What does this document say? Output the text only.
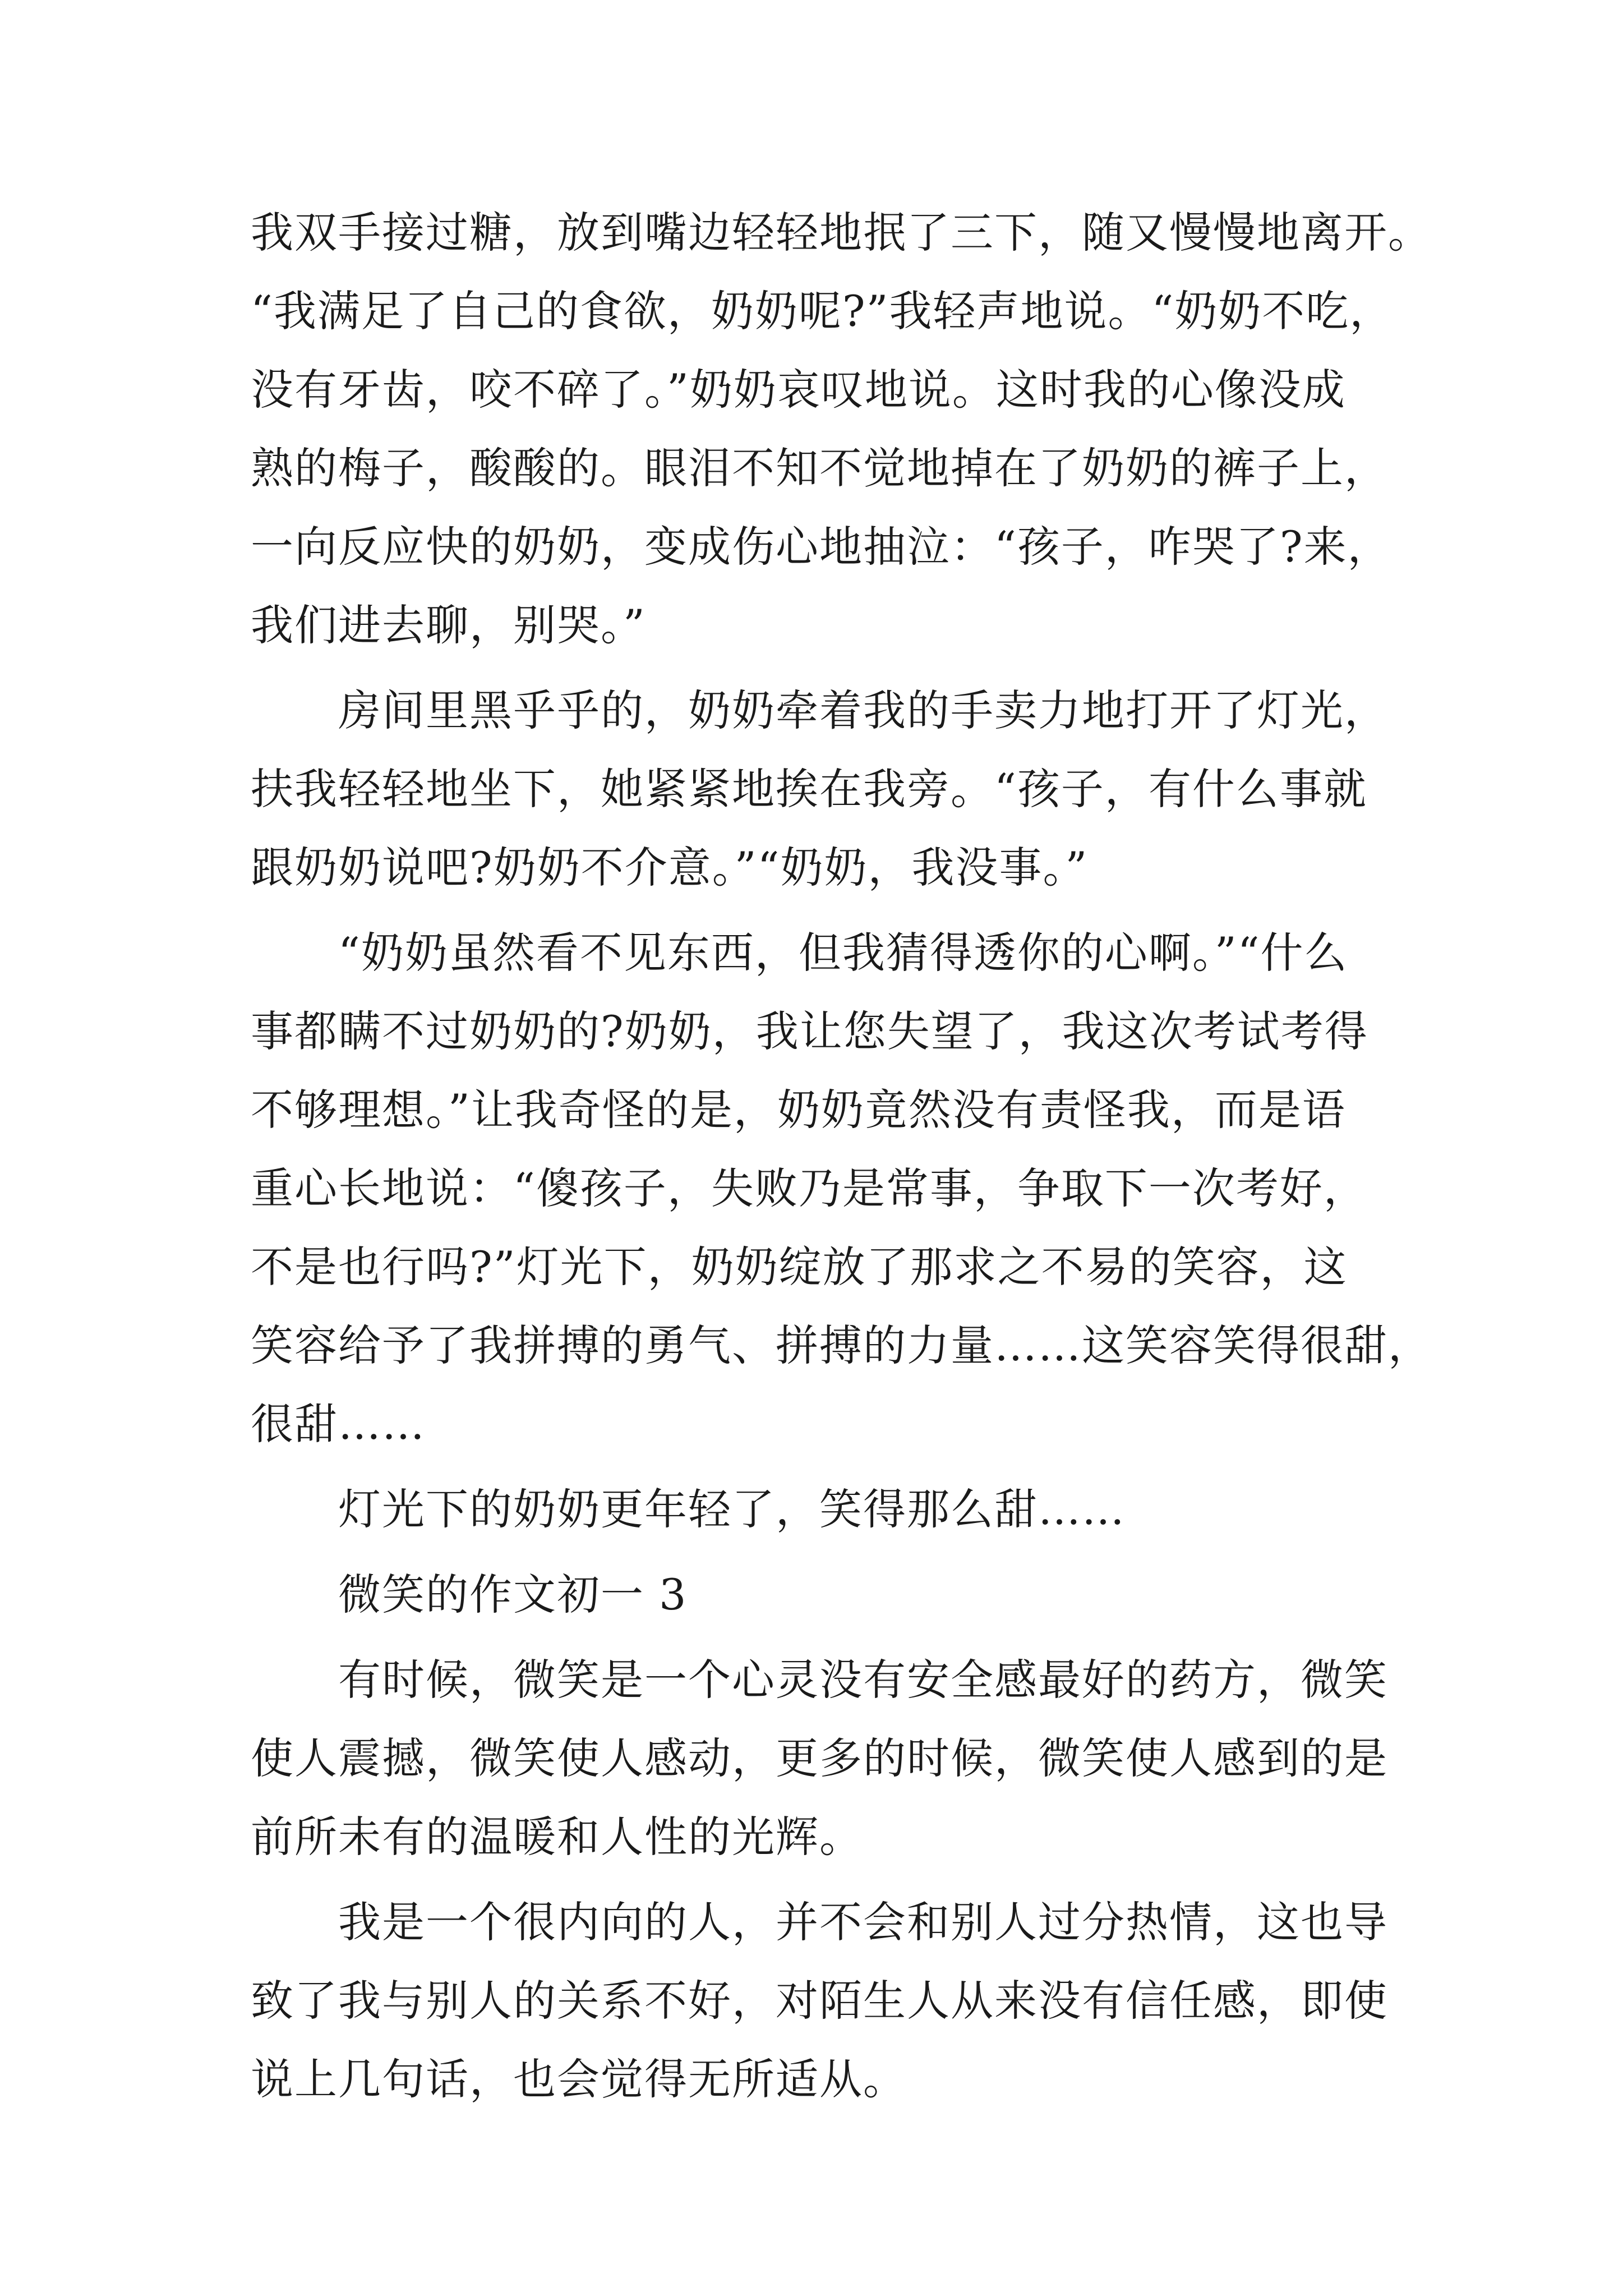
我双手接过糖，放到嘴边轻轻地抿了三下，随又慢慢地离开。
“我满足了自己的食欲，奶奶呢?”我轻声地说。“奶奶不吃，
没有牙齿，咬不碎了。”奶奶哀叹地说。这时我的心像没成
熟的梅子，酸酸的。眼泪不知不觉地掉在了奶奶的裤子上，
一向反应快的奶奶，变成伤心地抽泣：“孩子，咋哭了?来，
我们进去聊，别哭。”
房间里黑乎乎的，奶奶牵着我的手卖力地打开了灯光，
扶我轻轻地坐下，她紧紧地挨在我旁。“孩子，有什么事就
跟奶奶说吧?奶奶不介意。”“奶奶，我没事。”
“奶奶虽然看不见东西，但我猜得透你的心啊。”“什么
事都瞒不过奶奶的?奶奶，我让您失望了，我这次考试考得
不够理想。”让我奇怪的是，奶奶竟然没有责怪我，而是语
重心长地说：“傻孩子，失败乃是常事，争取下一次考好，
不是也行吗?”灯光下，奶奶绽放了那求之不易的笑容，这
笑容给予了我拼搏的勇气、拼搏的力量……这笑容笑得很甜，
很甜……
灯光下的奶奶更年轻了，笑得那么甜……
微笑的作文初一 3
有时候，微笑是一个心灵没有安全感最好的药方，微笑
使人震撼，微笑使人感动，更多的时候，微笑使人感到的是
前所未有的温暖和人性的光辉。
我是一个很内向的人，并不会和别人过分热情，这也导
致了我与别人的关系不好，对陌生人从来没有信任感，即使
说上几句话，也会觉得无所适从。
